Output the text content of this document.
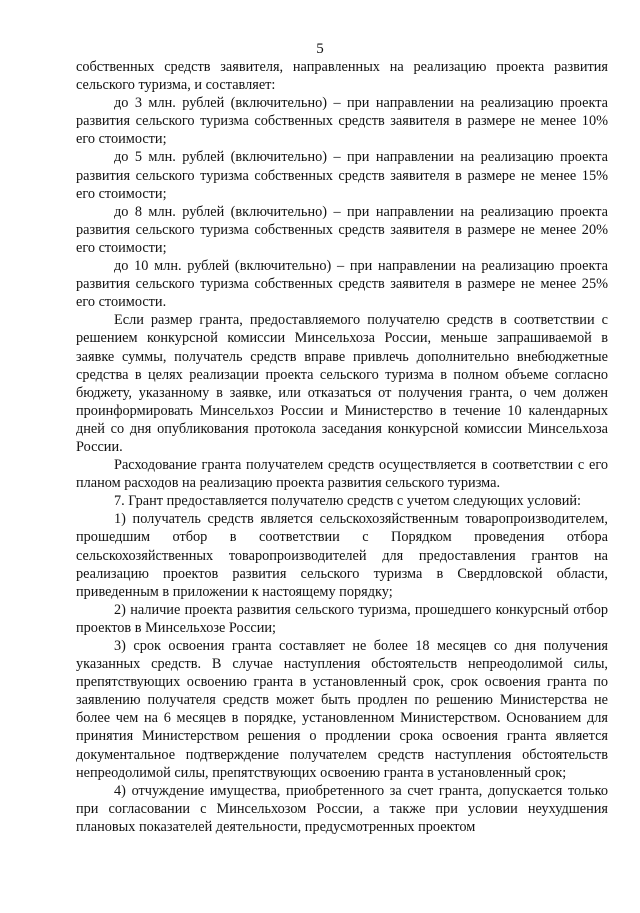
5

собственных средств заявителя, направленных на реализацию проекта развития сельского туризма, и составляет:

до 3 млн. рублей (включительно) – при направлении на реализацию проекта развития сельского туризма собственных средств заявителя в размере не менее 10% его стоимости;

до 5 млн. рублей (включительно) – при направлении на реализацию проекта развития сельского туризма собственных средств заявителя в размере не менее 15% его стоимости;

до 8 млн. рублей (включительно) – при направлении на реализацию проекта развития сельского туризма собственных средств заявителя в размере не менее 20% его стоимости;

до 10 млн. рублей (включительно) – при направлении на реализацию проекта развития сельского туризма собственных средств заявителя в размере не менее 25% его стоимости.

Если размер гранта, предоставляемого получателю средств в соответствии с решением конкурсной комиссии Минсельхоза России, меньше запрашиваемой в заявке суммы, получатель средств вправе привлечь дополнительно внебюджетные средства в целях реализации проекта сельского туризма в полном объеме согласно бюджету, указанному в заявке, или отказаться от получения гранта, о чем должен проинформировать Минсельхоз России и Министерство в течение 10 календарных дней со дня опубликования протокола заседания конкурсной комиссии Минсельхоза России.

Расходование гранта получателем средств осуществляется в соответствии с его планом расходов на реализацию проекта развития сельского туризма.

7. Грант предоставляется получателю средств с учетом следующих условий:

1) получатель средств является сельскохозяйственным товаропроизводителем, прошедшим отбор в соответствии с Порядком проведения отбора сельскохозяйственных товаропроизводителей для предоставления грантов на реализацию проектов развития сельского туризма в Свердловской области, приведенным в приложении к настоящему порядку;

2) наличие проекта развития сельского туризма, прошедшего конкурсный отбор проектов в Минсельхозе России;

3) срок освоения гранта составляет не более 18 месяцев со дня получения указанных средств. В случае наступления обстоятельств непреодолимой силы, препятствующих освоению гранта в установленный срок, срок освоения гранта по заявлению получателя средств может быть продлен по решению Министерства не более чем на 6 месяцев в порядке, установленном Министерством. Основанием для принятия Министерством решения о продлении срока освоения гранта является документальное подтверждение получателем средств наступления обстоятельств непреодолимой силы, препятствующих освоению гранта в установленный срок;

4) отчуждение имущества, приобретенного за счет гранта, допускается только при согласовании с Минсельхозом России, а также при условии неухудшения плановых показателей деятельности, предусмотренных проектом
